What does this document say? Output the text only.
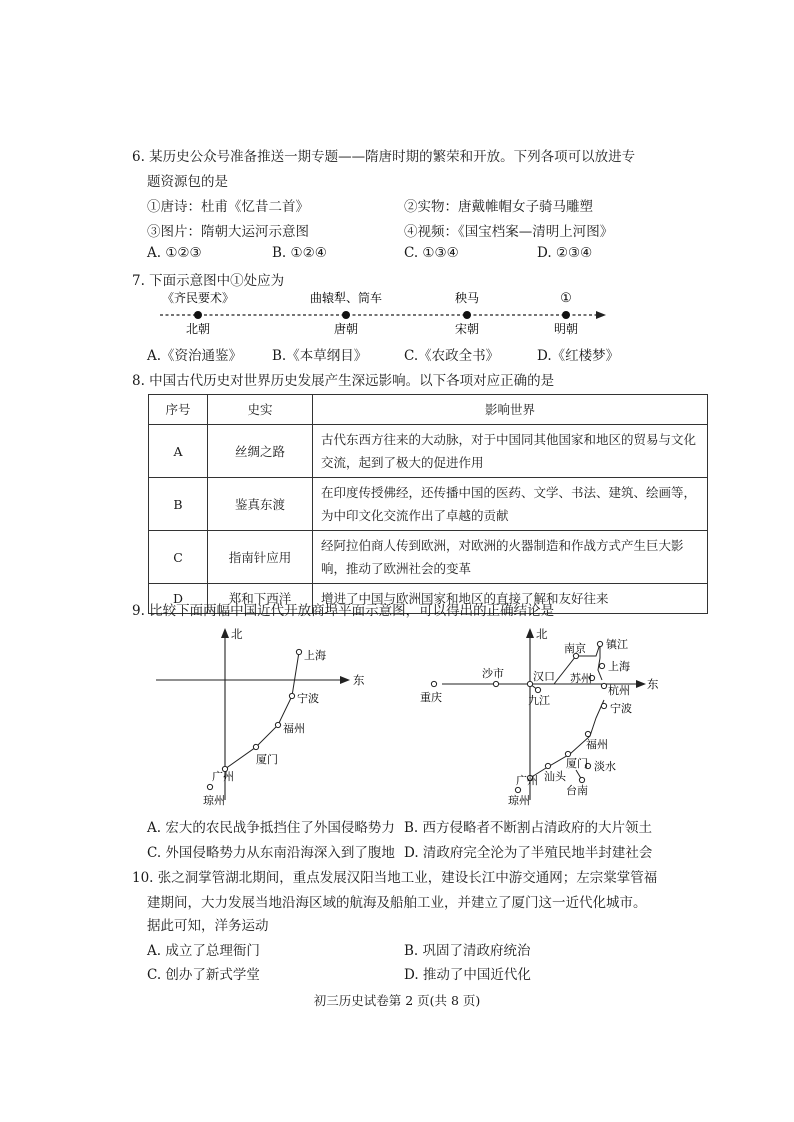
6. 某历史公众号准备推送一期专题——隋唐时期的繁荣和开放。下列各项可以放进专
题资源包的是
①唐诗：杜甫《忆昔二首》	②实物：唐戴帷帽女子骑马雕塑
③图片：隋朝大运河示意图	④视频：《国宝档案—清明上河图》
A. ①②③	B. ①②④	C. ①③④	D. ②③④
7. 下面示意图中①处应为
《齐民要术》	曲辕犁、筒车	秧马	①
北朝	唐朝	宋朝	明朝
A.《资治通鉴》 B.《本草纲目》	C.《农政全书》	D.《红楼梦》
8. 中国古代历史对世界历史发展产生深远影响。以下各项对应正确的是
序号	史实	影响世界
A	丝绸之路	古代东西方往来的大动脉，对于中国同其他国家和地区的贸易与文化交流，起到了极大的促进作用
B	鉴真东渡	在印度传授佛经，还传播中国的医药、文学、书法、建筑、绘画等，为中印文化交流作出了卓越的贡献
C	指南针应用	经阿拉伯商人传到欧洲，对欧洲的火器制造和作战方式产生巨大影响，推动了欧洲社会的变革
D	郑和下西洋	增进了中国与欧洲国家和地区的直接了解和友好往来
9. 比较下面两幅中国近代开放商埠平面示意图，可以得出的正确结论是
北
东
上海
宁波
福州
厦门
广州
琼州
北
东
镇江
南京
上海
苏州
杭州
沙市	汉口
重庆	九江
宁波
福州
厦门
汕头
广州
淡水
台南
琼州
A. 宏大的农民战争抵挡住了外国侵略势力 B. 西方侵略者不断割占清政府的大片领土
C. 外国侵略势力从东南沿海深入到了腹地 D. 清政府完全沦为了半殖民地半封建社会
10. 张之洞掌管湖北期间，重点发展汉阳当地工业，建设长江中游交通网；左宗棠掌管福
建期间，大力发展当地沿海区域的航海及船舶工业，并建立了厦门这一近代化城市。
据此可知，洋务运动
A. 成立了总理衙门	B. 巩固了清政府统治
C. 创办了新式学堂	D. 推动了中国近代化
初三历史试卷第 2 页(共 8 页)
